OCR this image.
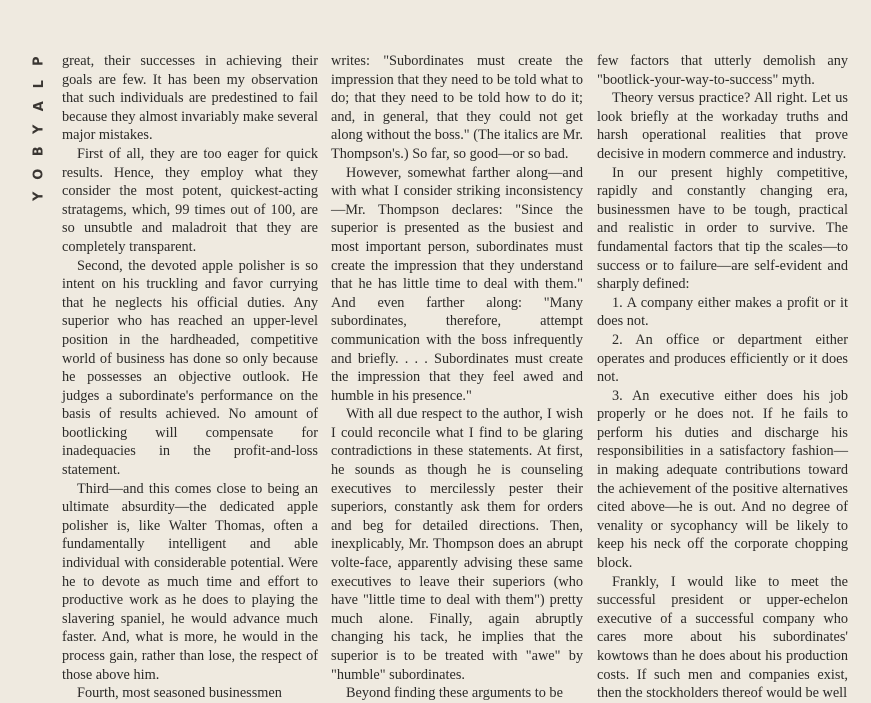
P
L
A
Y
B
O
Y

great, their successes in achieving their goals are few. It has been my observation that such individuals are predestined to fail because they almost invariably make several major mistakes.

First of all, they are too eager for quick results. Hence, they employ what they consider the most potent, quickest-acting stratagems, which, 99 times out of 100, are so unsubtle and maladroit that they are completely transparent.

Second, the devoted apple polisher is so intent on his truckling and favor currying that he neglects his official duties. Any superior who has reached an upper-level position in the hardheaded, competitive world of business has done so only because he possesses an objective outlook. He judges a subordinate's performance on the basis of results achieved. No amount of bootlicking will compensate for inadequacies in the profit-and-loss statement.

Third—and this comes close to being an ultimate absurdity—the dedicated apple polisher is, like Walter Thomas, often a fundamentally intelligent and able individual with considerable potential. Were he to devote as much time and effort to productive work as he does to playing the slavering spaniel, he would advance much faster. And, what is more, he would in the process gain, rather than lose, the respect of those above him.

Fourth, most seasoned businessmen

writes: "Subordinates must create the impression that they need to be told what to do; that they need to be told how to do it; and, in general, that they could not get along without the boss." (The italics are Mr. Thompson's.) So far, so good—or so bad.

However, somewhat farther along—and with what I consider striking inconsistency—Mr. Thompson declares: "Since the superior is presented as the busiest and most important person, subordinates must create the impression that they understand that he has little time to deal with them." And even farther along: "Many subordinates, therefore, attempt communication with the boss infrequently and briefly. . . . Subordinates must create the impression that they feel awed and humble in his presence."

With all due respect to the author, I wish I could reconcile what I find to be glaring contradictions in these statements. At first, he sounds as though he is counseling executives to mercilessly pester their superiors, constantly ask them for orders and beg for detailed directions. Then, inexplicably, Mr. Thompson does an abrupt volte-face, apparently advising these same executives to leave their superiors (who have "little time to deal with them") pretty much alone. Finally, again abruptly changing his tack, he implies that the superior is to be treated with "awe" by "humble" subordinates.

Beyond finding these arguments to be

few factors that utterly demolish any "bootlick-your-way-to-success" myth.

Theory versus practice? All right. Let us look briefly at the workaday truths and harsh operational realities that prove decisive in modern commerce and industry.

In our present highly competitive, rapidly and constantly changing era, businessmen have to be tough, practical and realistic in order to survive. The fundamental factors that tip the scales—to success or to failure—are self-evident and sharply defined:

1. A company either makes a profit or it does not.

2. An office or department either operates and produces efficiently or it does not.

3. An executive either does his job properly or he does not. If he fails to perform his duties and discharge his responsibilities in a satisfactory fashion—in making adequate contributions toward the achievement of the positive alternatives cited above—he is out. And no degree of venality or sycophancy will be likely to keep his neck off the corporate chopping block.

Frankly, I would like to meet the successful president or upper-echelon executive of a successful company who cares more about his subordinates' kowtows than he does about his production costs. If such men and companies exist, then the stockholders thereof would be well
